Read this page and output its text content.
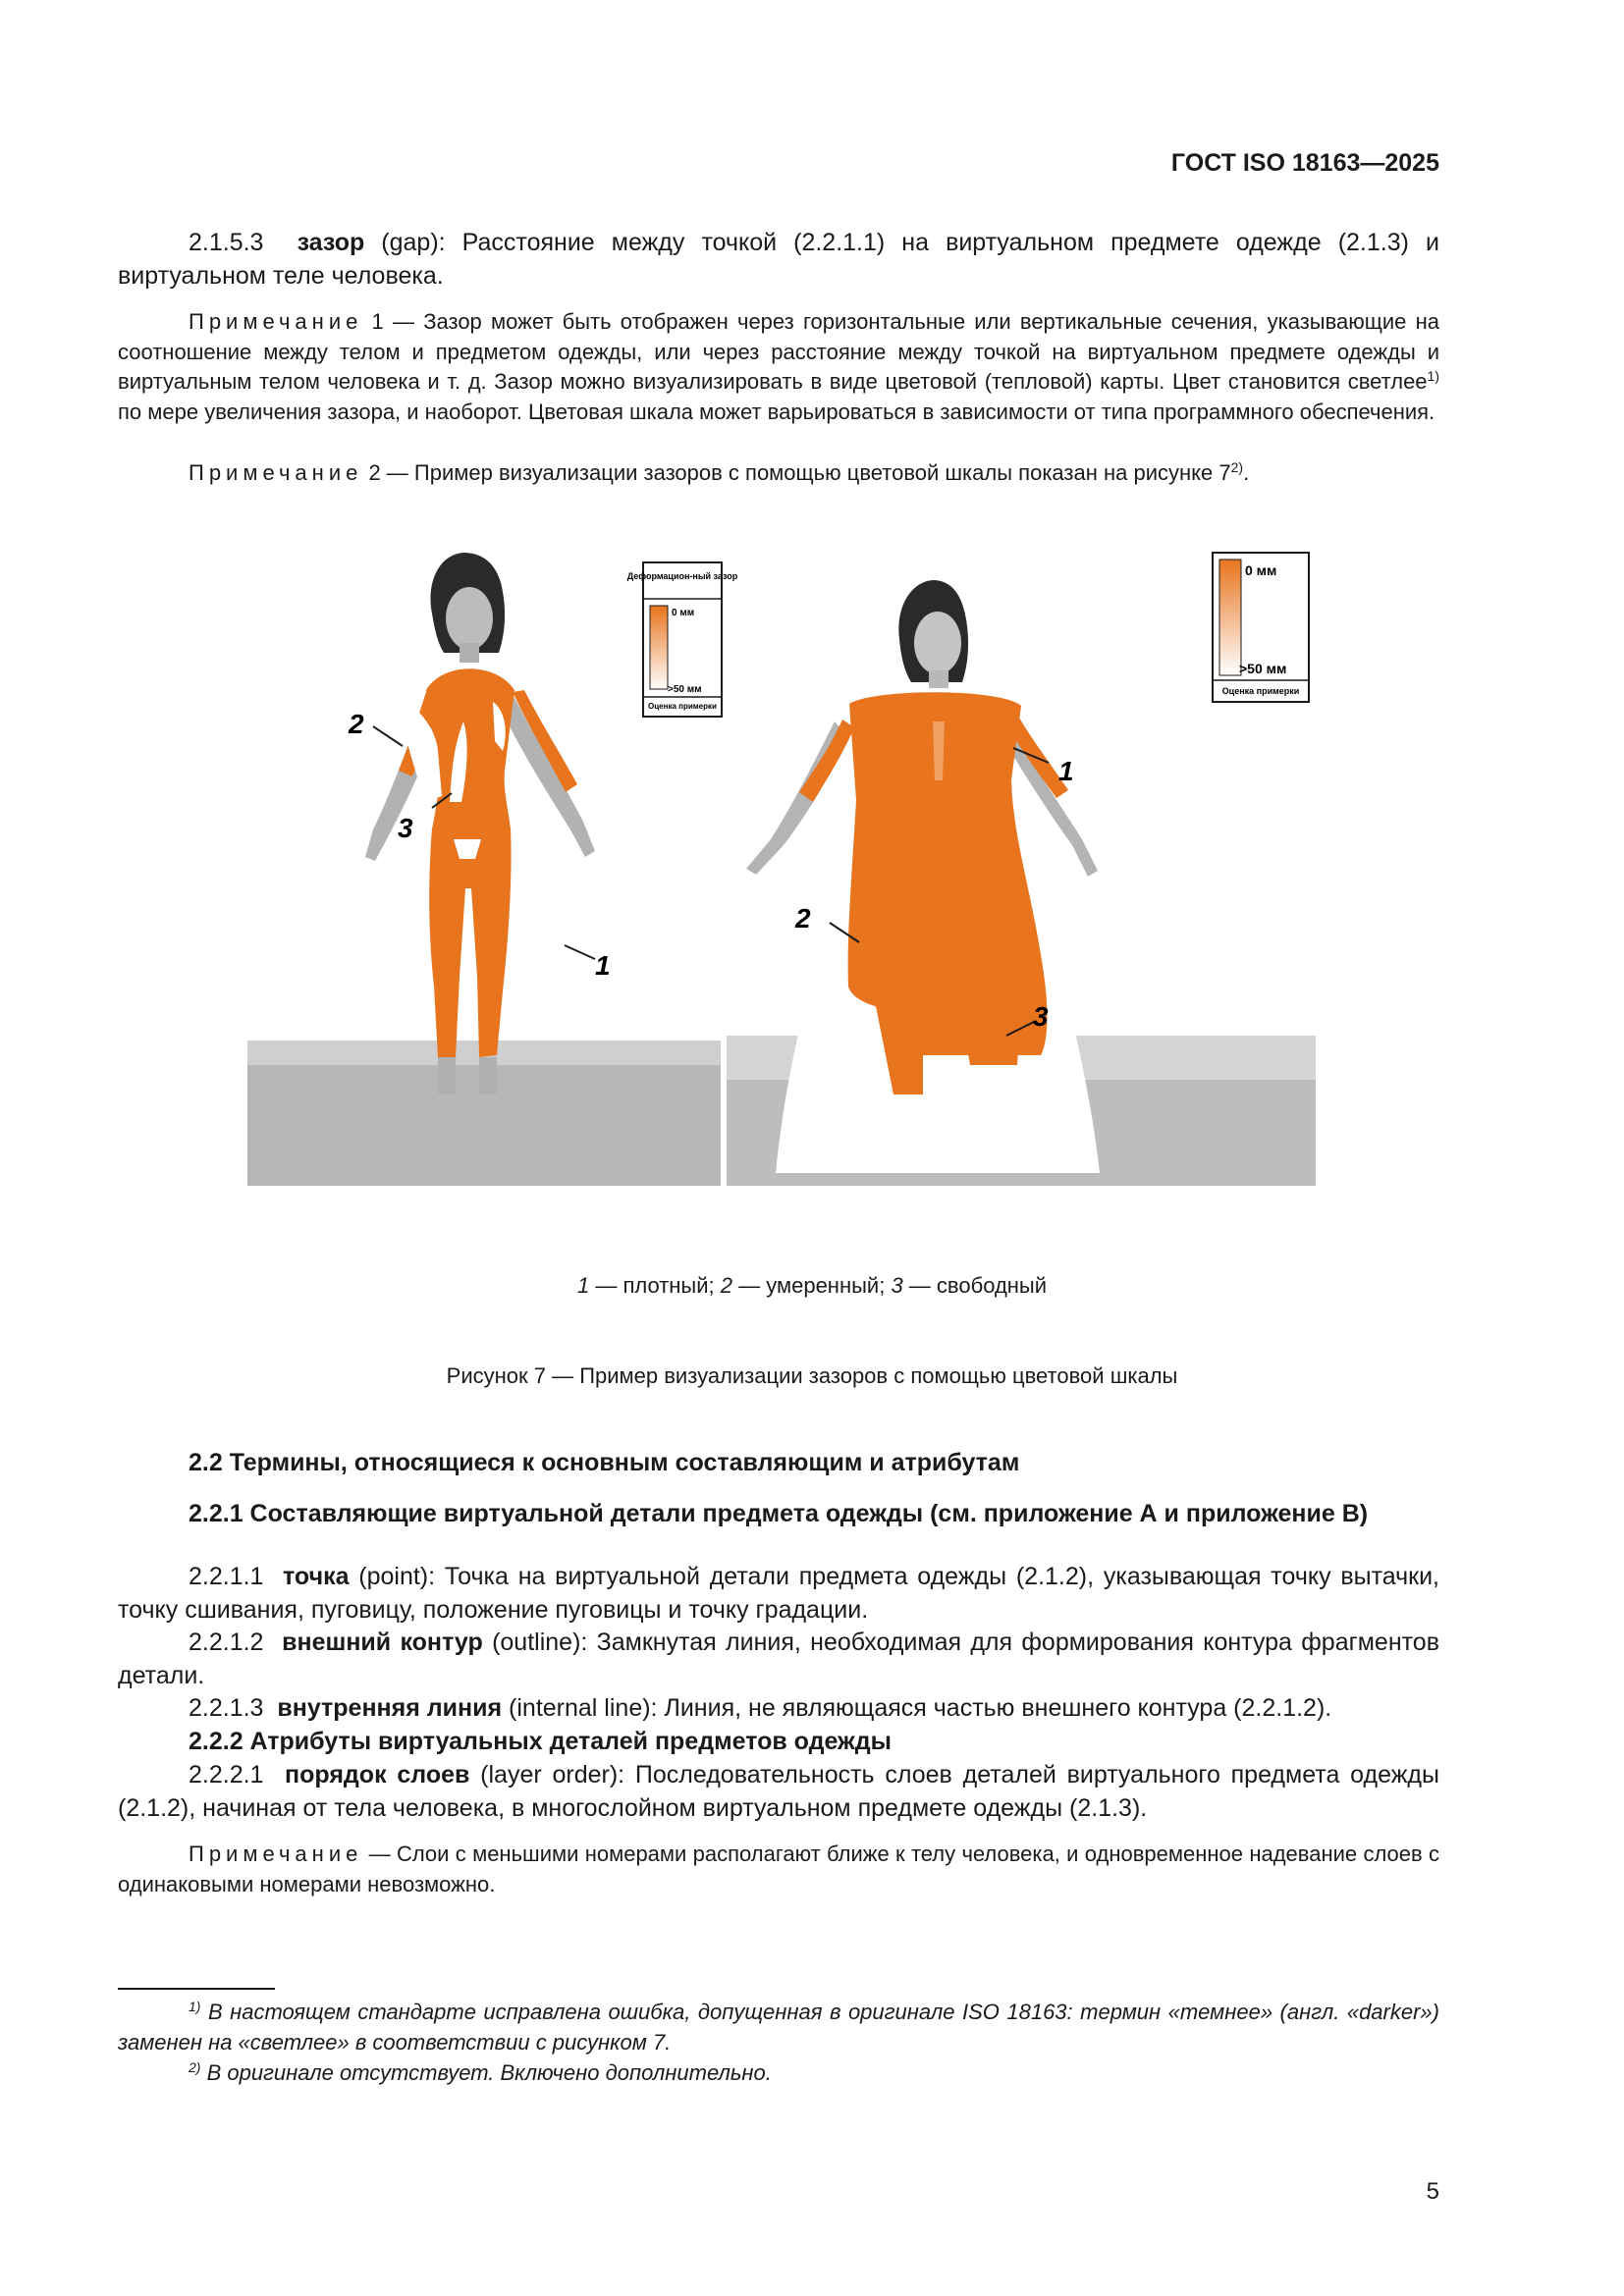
ГОСТ ISO 18163—2025

2.1.5.3 зазор (gap): Расстояние между точкой (2.2.1.1) на виртуальном предмете одежде (2.1.3) и виртуальном теле человека.

Примечание 1 — Зазор может быть отображен через горизонтальные или вертикальные сечения, указывающие на соотношение между телом и предметом одежды, или через расстояние между точкой на виртуальном предмете одежды и виртуальным телом человека и т. д. Зазор можно визуализировать в виде цветовой (тепловой) карты. Цвет становится светлее$^{1)}$ по мере увеличения зазора, и наоборот. Цветовая шкала может варьироваться в зависимости от типа программного обеспечения.

Примечание 2 — Пример визуализации зазоров с помощью цветовой шкалы показан на рисунке 7$^{2)}$.

2
3
1
Деформацион-ный зазор
0 мм
>50 мм
Оценка примерки
1
2
3
0 мм
>50 мм
Оценка примерки
1 — плотный; 2 — умеренный; 3 — свободный
Рисунок 7 — Пример визуализации зазоров с помощью цветовой шкалы
2.2 Термины, относящиеся к основным составляющим и атрибутам

2.2.1 Составляющие виртуальной детали предмета одежды (см. приложение А и приложение В)

2.2.1.1 точка (point): Точка на виртуальной детали предмета одежды (2.1.2), указывающая точку вытачки, точку сшивания, пуговицу, положение пуговицы и точку градации.

2.2.1.2 внешний контур (outline): Замкнутая линия, необходимая для формирования контура фрагментов детали.

2.2.1.3 внутренняя линия (internal line): Линия, не являющаяся частью внешнего контура (2.2.1.2).

2.2.2 Атрибуты виртуальных деталей предметов одежды

2.2.2.1 порядок слоев (layer order): Последовательность слоев деталей виртуального предмета одежды (2.1.2), начиная от тела человека, в многослойном виртуальном предмете одежды (2.1.3).

Примечание — Слои с меньшими номерами располагают ближе к телу человека, и одновременное надевание слоев с одинаковыми номерами невозможно.

$^{1)}$ В настоящем стандарте исправлена ошибка, допущенная в оригинале ISO 18163: термин «темнее» (англ. «darker») заменен на «светлее» в соответствии с рисунком 7.

$^{2)}$ В оригинале отсутствует. Включено дополнительно.

5
